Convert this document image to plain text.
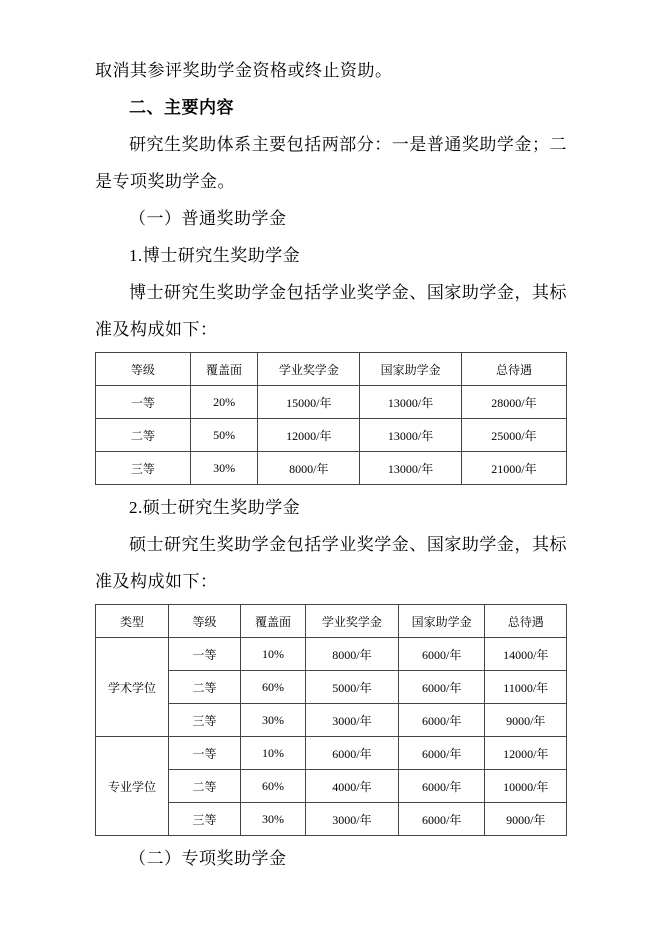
取消其参评奖助学金资格或终止资助。

二、主要内容

研究生奖助体系主要包括两部分：一是普通奖助学金；二是专项奖助学金。

（一）普通奖助学金

1.博士研究生奖助学金

博士研究生奖助学金包括学业奖学金、国家助学金，其标准及构成如下：

等级	覆盖面	学业奖学金	国家助学金	总待遇
一等	20%	15000/年	13000/年	28000/年
二等	50%	12000/年	13000/年	25000/年
三等	30%	8000/年	13000/年	21000/年

2.硕士研究生奖助学金

硕士研究生奖助学金包括学业奖学金、国家助学金，其标准及构成如下：

类型	等级	覆盖面	学业奖学金	国家助学金	总待遇
学术学位	一等	10%	8000/年	6000/年	14000/年
	二等	60%	5000/年	6000/年	11000/年
	三等	30%	3000/年	6000/年	9000/年
专业学位	一等	10%	6000/年	6000/年	12000/年
	二等	60%	4000/年	6000/年	10000/年
	三等	30%	3000/年	6000/年	9000/年

（二）专项奖助学金
